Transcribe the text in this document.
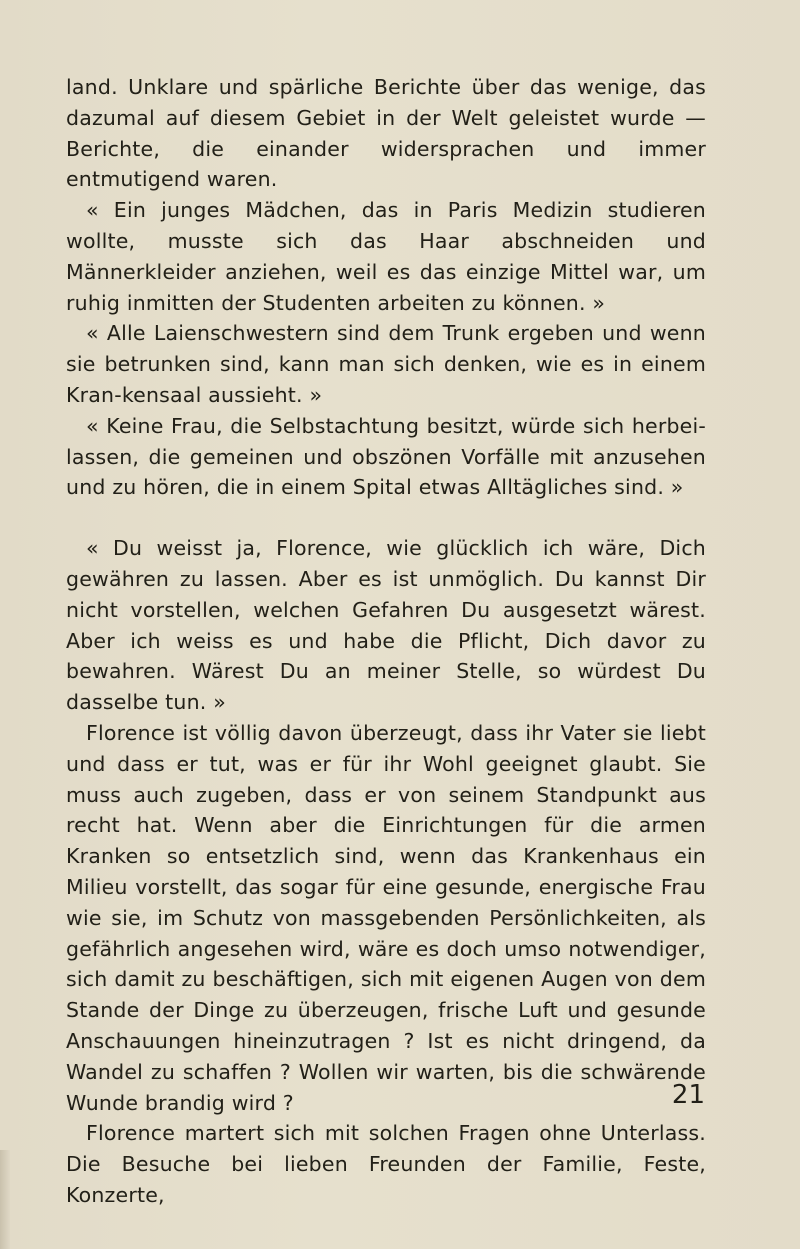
land. Unklare und spärliche Berichte über das wenige, das dazumal auf diesem Gebiet in der Welt geleistet wurde — Berichte, die einander widersprachen und immer entmutigend waren.

« Ein junges Mädchen, das in Paris Medizin studieren wollte, musste sich das Haar abschneiden und Männerkleider anziehen, weil es das einzige Mittel war, um ruhig inmitten der Studenten arbeiten zu können. »

« Alle Laienschwestern sind dem Trunk ergeben und wenn sie betrunken sind, kann man sich denken, wie es in einem Kran-kensaal aussieht. »

« Keine Frau, die Selbstachtung besitzt, würde sich herbei-lassen, die gemeinen und obszönen Vorfälle mit anzusehen und zu hören, die in einem Spital etwas Alltägliches sind. »

« Du weisst ja, Florence, wie glücklich ich wäre, Dich gewähren zu lassen. Aber es ist unmöglich. Du kannst Dir nicht vorstellen, welchen Gefahren Du ausgesetzt wärest. Aber ich weiss es und habe die Pflicht, Dich davor zu bewahren. Wärest Du an meiner Stelle, so würdest Du dasselbe tun. »

Florence ist völlig davon überzeugt, dass ihr Vater sie liebt und dass er tut, was er für ihr Wohl geeignet glaubt. Sie muss auch zugeben, dass er von seinem Standpunkt aus recht hat. Wenn aber die Einrichtungen für die armen Kranken so entsetzlich sind, wenn das Krankenhaus ein Milieu vorstellt, das sogar für eine gesunde, energische Frau wie sie, im Schutz von massgebenden Persönlichkeiten, als gefährlich angesehen wird, wäre es doch umso notwendiger, sich damit zu beschäftigen, sich mit eigenen Augen von dem Stande der Dinge zu überzeugen, frische Luft und gesunde Anschauungen hineinzutragen ? Ist es nicht dringend, da Wandel zu schaffen ? Wollen wir warten, bis die schwärende Wunde brandig wird ?

Florence martert sich mit solchen Fragen ohne Unterlass. Die Besuche bei lieben Freunden der Familie, Feste, Konzerte,

21
